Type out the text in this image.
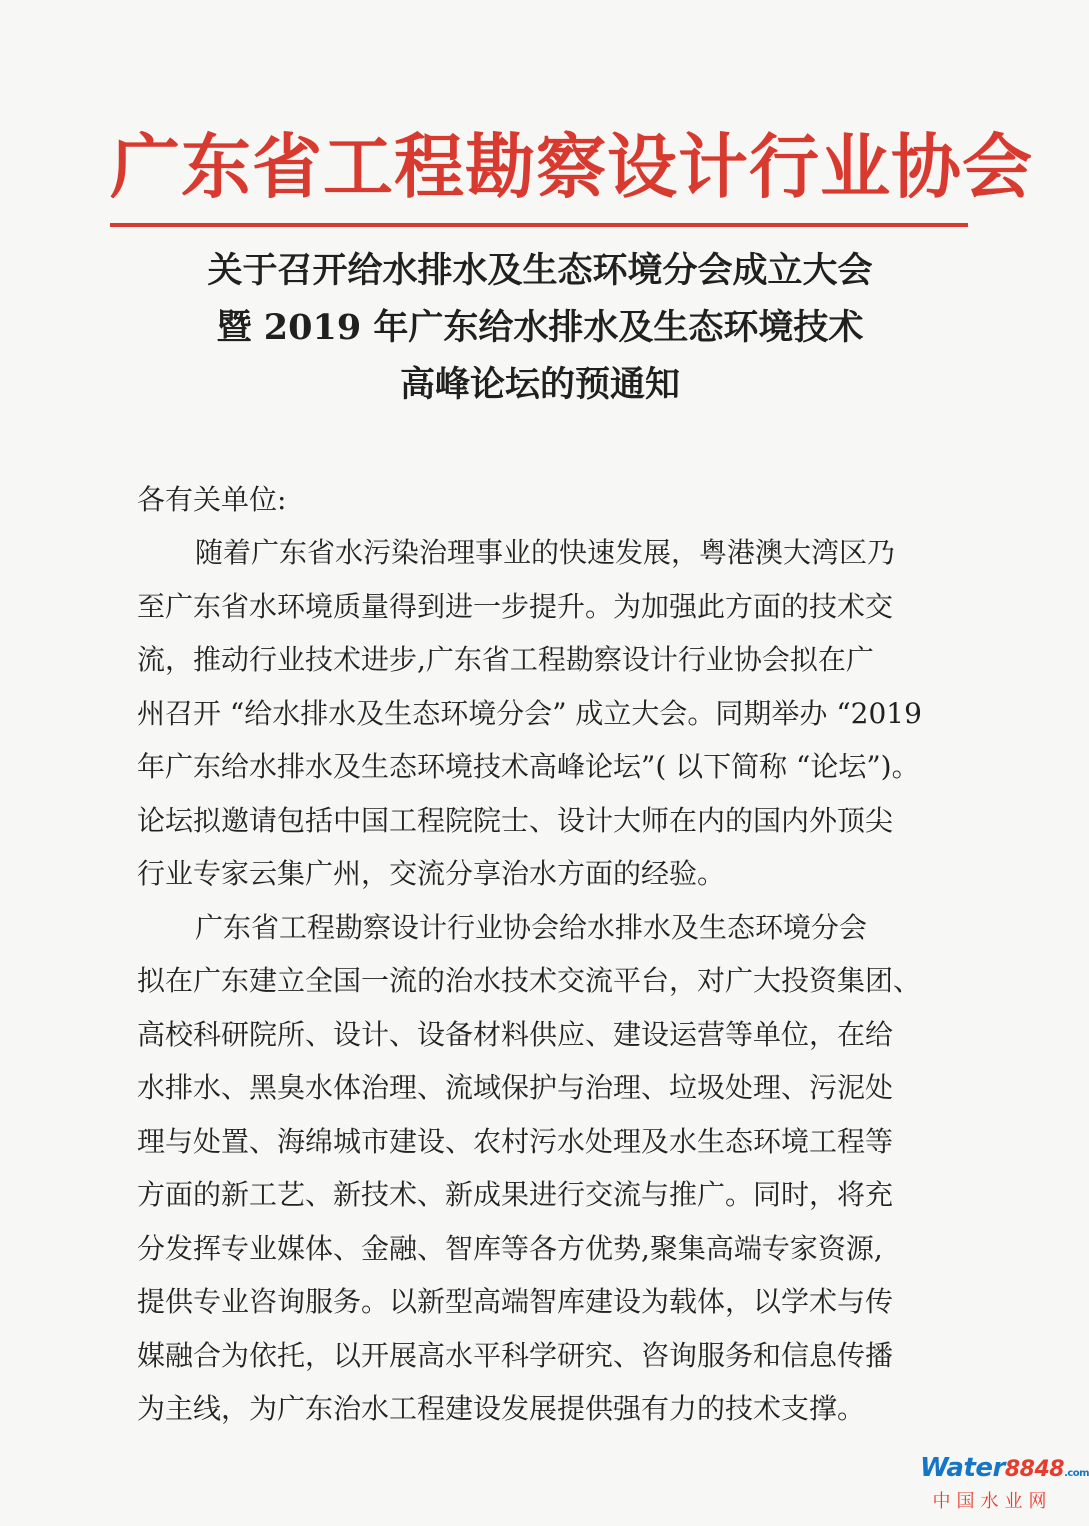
广东省工程勘察设计行业协会
关于召开给水排水及生态环境分会成立大会
暨 2019 年广东给水排水及生态环境技术
高峰论坛的预通知
各有关单位:
随着广东省水污染治理事业的快速发展，粤港澳大湾区乃
至广东省水环境质量得到进一步提升。为加强此方面的技术交
流，推动行业技术进步,广东省工程勘察设计行业协会拟在广
州召开 “给水排水及生态环境分会” 成立大会。同期举办 “2019
年广东给水排水及生态环境技术高峰论坛”( 以下简称 “论坛”)。
论坛拟邀请包括中国工程院院士、设计大师在内的国内外顶尖
行业专家云集广州，交流分享治水方面的经验。
广东省工程勘察设计行业协会给水排水及生态环境分会
拟在广东建立全国一流的治水技术交流平台，对广大投资集团、
高校科研院所、设计、设备材料供应、建设运营等单位，在给
水排水、黑臭水体治理、流域保护与治理、垃圾处理、污泥处
理与处置、海绵城市建设、农村污水处理及水生态环境工程等
方面的新工艺、新技术、新成果进行交流与推广。同时，将充
分发挥专业媒体、金融、智库等各方优势,聚集高端专家资源,
提供专业咨询服务。以新型高端智库建设为载体，以学术与传
媒融合为依托，以开展高水平科学研究、咨询服务和信息传播
为主线，为广东治水工程建设发展提供强有力的技术支撑。
Water8848.com
中国水业网
